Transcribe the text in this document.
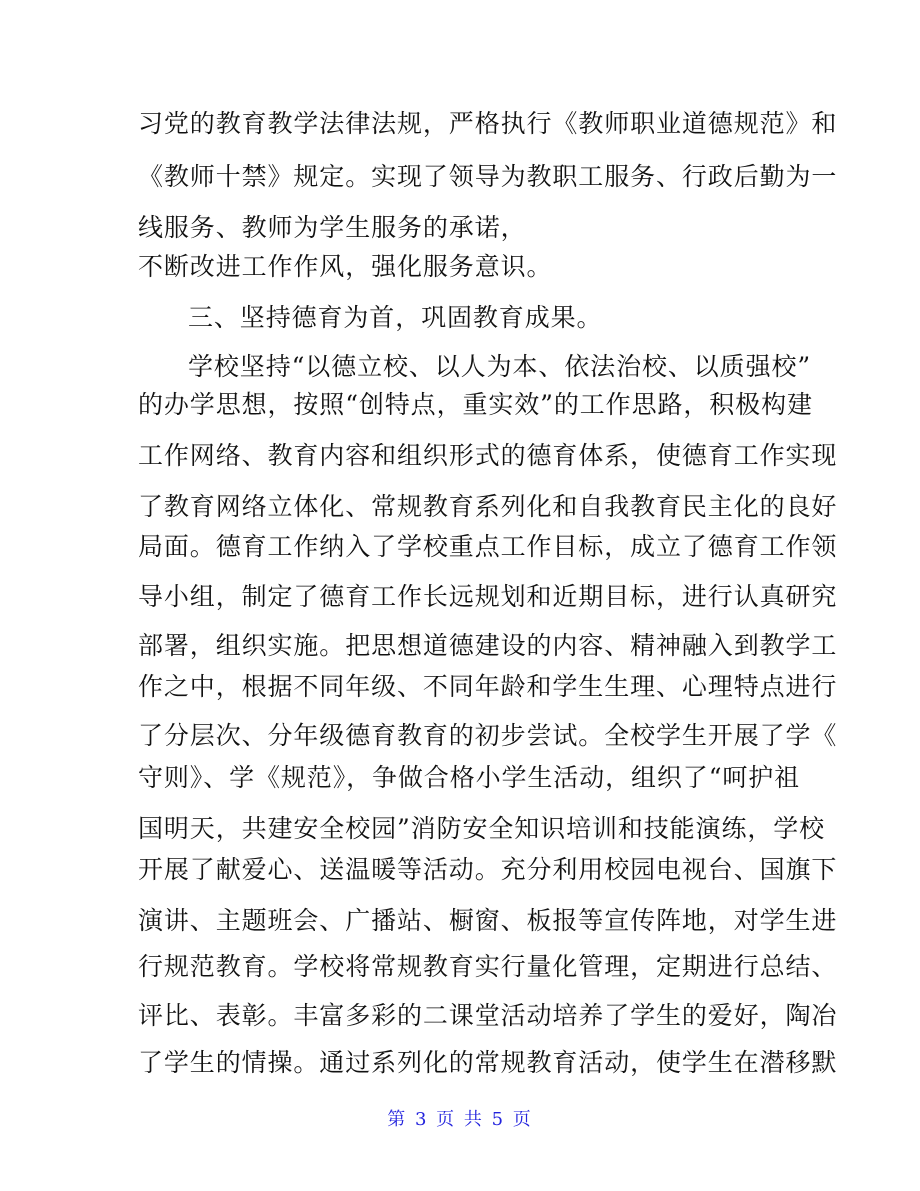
习党的教育教学法律法规，严格执行《教师职业道德规范》和
《教师十禁》规定。实现了领导为教职工服务、行政后勤为一
线服务、教师为学生服务的承诺，
不断改进工作作风，强化服务意识。
三、坚持德育为首，巩固教育成果。
学校坚持“以德立校、以人为本、依法治校、以质强校”
的办学思想，按照“创特点，重实效”的工作思路，积极构建
工作网络、教育内容和组织形式的德育体系，使德育工作实现
了教育网络立体化、常规教育系列化和自我教育民主化的良好
局面。德育工作纳入了学校重点工作目标，成立了德育工作领
导小组，制定了德育工作长远规划和近期目标，进行认真研究
部署，组织实施。把思想道德建设的内容、精神融入到教学工
作之中，根据不同年级、不同年龄和学生生理、心理特点进行
了分层次、分年级德育教育的初步尝试。全校学生开展了学《
守则》、学《规范》，争做合格小学生活动，组织了“呵护祖
国明天，共建安全校园”消防安全知识培训和技能演练，学校
开展了献爱心、送温暖等活动。充分利用校园电视台、国旗下
演讲、主题班会、广播站、橱窗、板报等宣传阵地，对学生进
行规范教育。学校将常规教育实行量化管理，定期进行总结、
评比、表彰。丰富多彩的二课堂活动培养了学生的爱好，陶冶
了学生的情操。通过系列化的常规教育活动，使学生在潜移默
第 3 页 共 5 页
